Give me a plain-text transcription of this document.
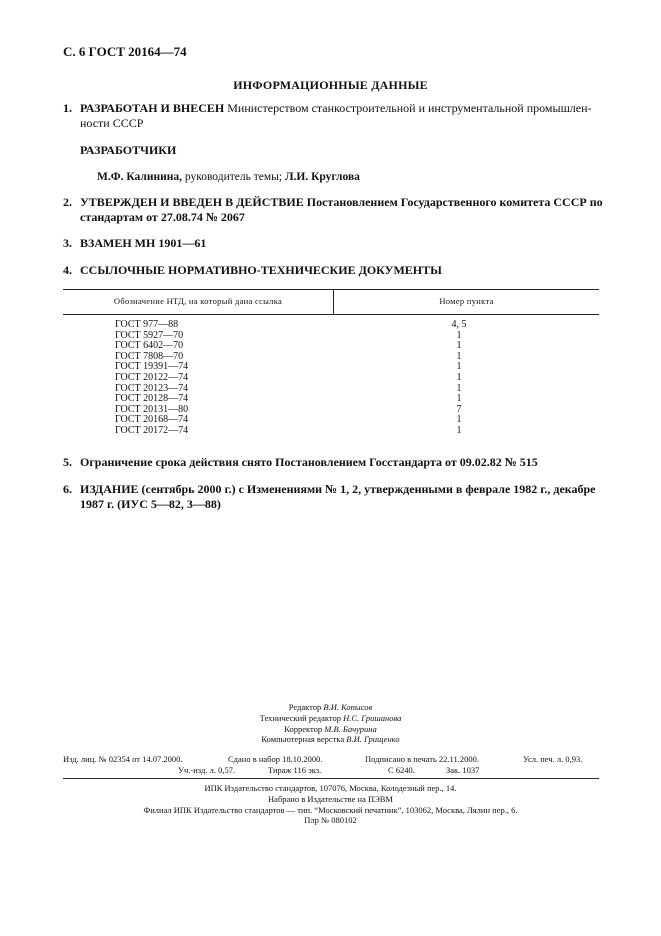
С. 6 ГОСТ 20164—74
ИНФОРМАЦИОННЫЕ ДАННЫЕ
1. РАЗРАБОТАН И ВНЕСЕН Министерством станкостроительной и инструментальной промышлен-ности СССР
РАЗРАБОТЧИКИ
М.Ф. Калинина, руководитель темы; Л.И. Круглова
2. УТВЕРЖДЕН И ВВЕДЕН В ДЕЙСТВИЕ Постановлением Государственного комитета СССР по стандартам от 27.08.74 № 2067
3. ВЗАМЕН МН 1901—61
4. ССЫЛОЧНЫЕ НОРМАТИВНО-ТЕХНИЧЕСКИЕ ДОКУМЕНТЫ
Обозначение НТД, на который дана ссылка	Номер пункта
ГОСТ 977—88	4, 5
ГОСТ 5927—70	1
ГОСТ 6402—70	1
ГОСТ 7808—70	1
ГОСТ 19391—74	1
ГОСТ 20122—74	1
ГОСТ 20123—74	1
ГОСТ 20128—74	1
ГОСТ 20131—80	7
ГОСТ 20168—74	1
ГОСТ 20172—74	1
5. Ограничение срока действия снято Постановлением Госстандарта от 09.02.82 № 515
6. ИЗДАНИЕ (сентябрь 2000 г.) с Изменениями № 1, 2, утвержденными в феврале 1982 г., декабре 1987 г. (ИУС 5—82, 3—88)
Редактор В.И. Копысов
Технический редактор Н.С. Гришанова
Корректор М.В. Бачурина
Компьютерная верстка В.И. Грищенко
Изд. лиц. № 02354 от 14.07.2000.	Сдано в набор 18.10.2000.	Подписано в печать 22.11.2000.	Усл. печ. л. 0,93.
Уч.-изд. л. 0,57.	Тираж 116 экз.	С 6240.	Зак. 1037
ИПК Издательство стандартов, 107076, Москва, Колодезный пер., 14.
Набрано в Издательстве на ПЭВМ
Филиал ИПК Издательство стандартов — тип. “Московский печатник”, 103062, Москва, Лялин пер., 6.
Плр № 080102
